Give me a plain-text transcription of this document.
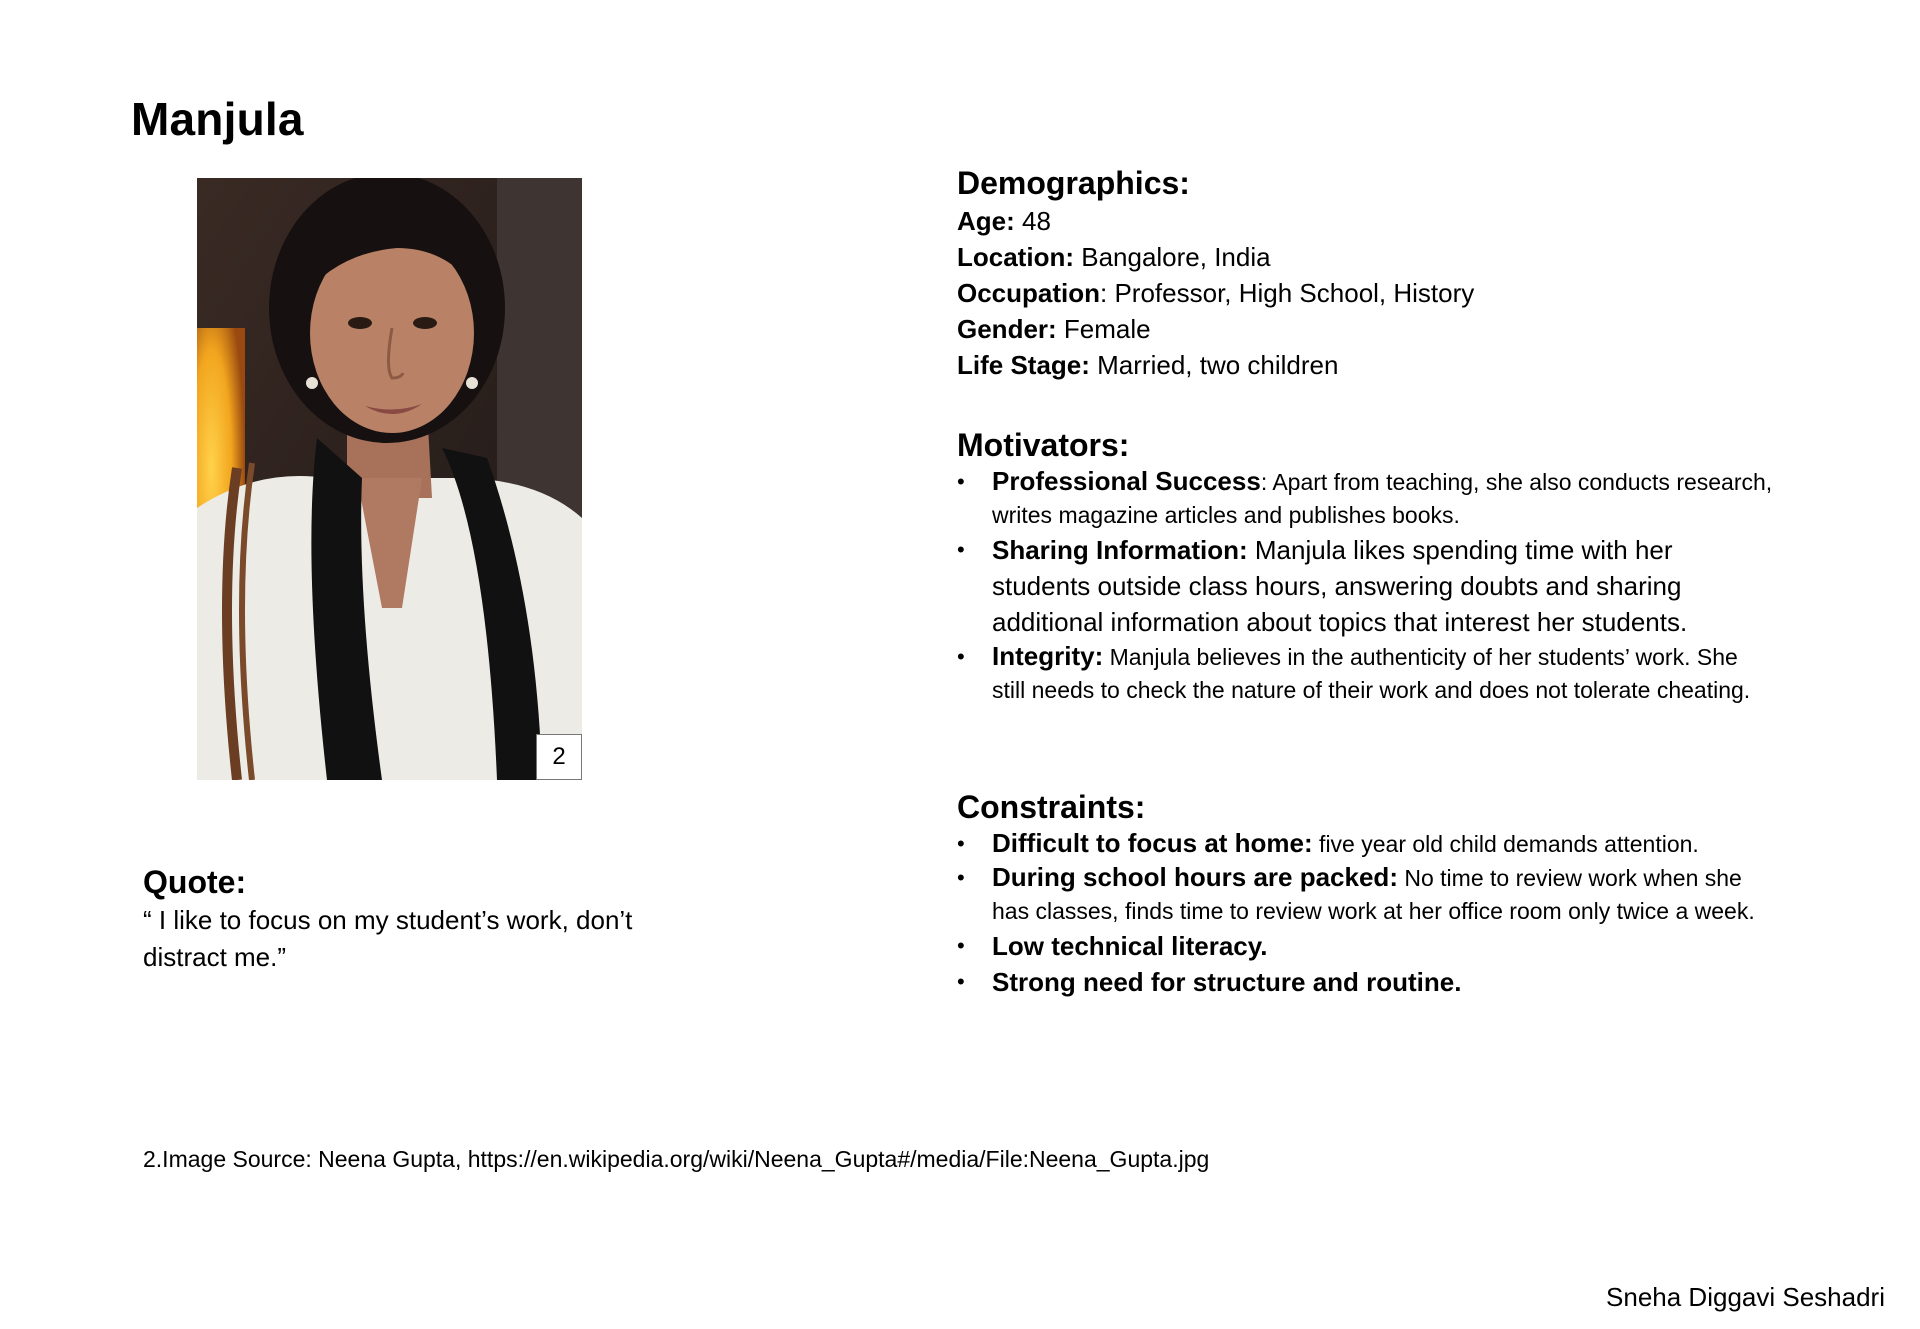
Manjula
2
Quote:
“ I like to focus on my student’s work, don’t distract me.”
Demographics:
Age: 48
Location: Bangalore, India
Occupation: Professor, High School, History
Gender: Female
Life Stage: Married, two children
Motivators:
• Professional Success: Apart from teaching, she also conducts research, writes magazine articles and publishes books.
• Sharing Information: Manjula likes spending time with her students outside class hours, answering doubts and sharing additional information about topics that interest her students.
• Integrity: Manjula believes in the authenticity of her students’ work. She still needs to check the nature of their work and does not tolerate cheating.
Constraints:
• Difficult to focus at home: five year old child demands attention.
• During school hours are packed: No time to review work when she has classes, finds time to review work at her office room only twice a week.
• Low technical literacy.
• Strong need for structure and routine.
2.Image Source: Neena Gupta, https://en.wikipedia.org/wiki/Neena_Gupta#/media/File:Neena_Gupta.jpg
Sneha Diggavi Seshadri
